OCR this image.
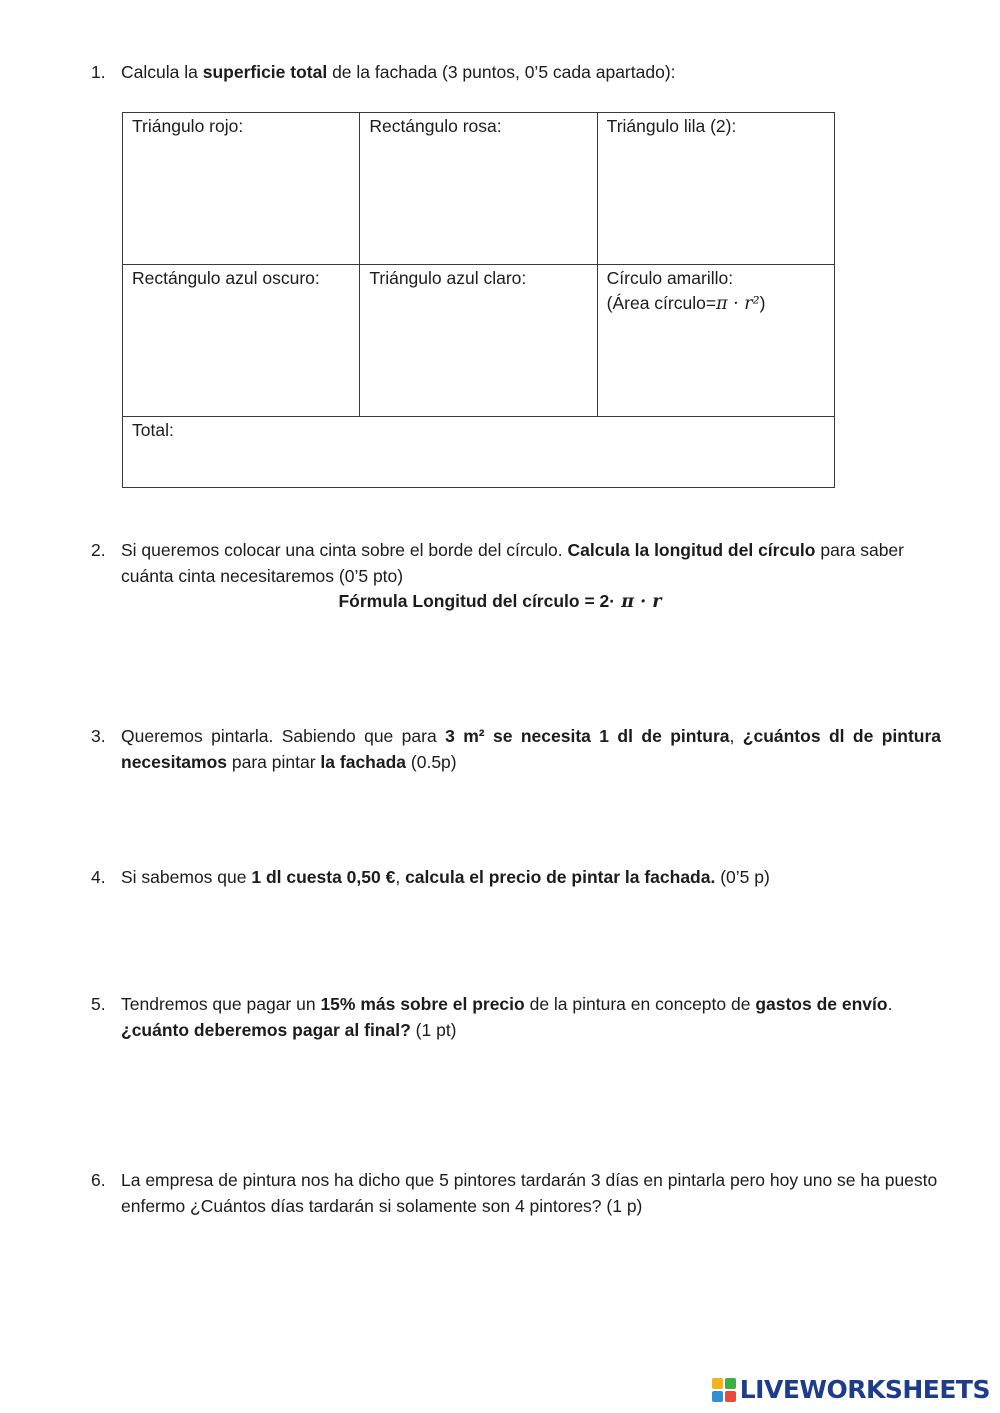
1. Calcula la superficie total de la fachada (3 puntos, 0’5 cada apartado):
Triángulo rojo:	Rectángulo rosa:	Triángulo lila (2):
Rectángulo azul oscuro:	Triángulo azul claro:	Círculo amarillo:
(Área círculo=π · r²)

Total:		
2. Si queremos colocar una cinta sobre el borde del círculo. Calcula la longitud del círculo para saber cuánta cinta necesitaremos (0’5 pto)
Fórmula Longitud del círculo = 2· π · r
3. Queremos pintarla. Sabiendo que para 3 m² se necesita 1 dl de pintura, ¿cuántos dl de pintura necesitamos para pintar la fachada (0.5p)
4. Si sabemos que 1 dl cuesta 0,50 €, calcula el precio de pintar la fachada. (0’5 p)
5. Tendremos que pagar un 15% más sobre el precio de la pintura en concepto de gastos de envío. ¿cuánto deberemos pagar al final? (1 pt)
6. La empresa de pintura nos ha dicho que 5 pintores tardarán 3 días en pintarla pero hoy uno se ha puesto enfermo ¿Cuántos días tardarán si solamente son 4 pintores? (1 p)
LIVEWORKSHEETS
